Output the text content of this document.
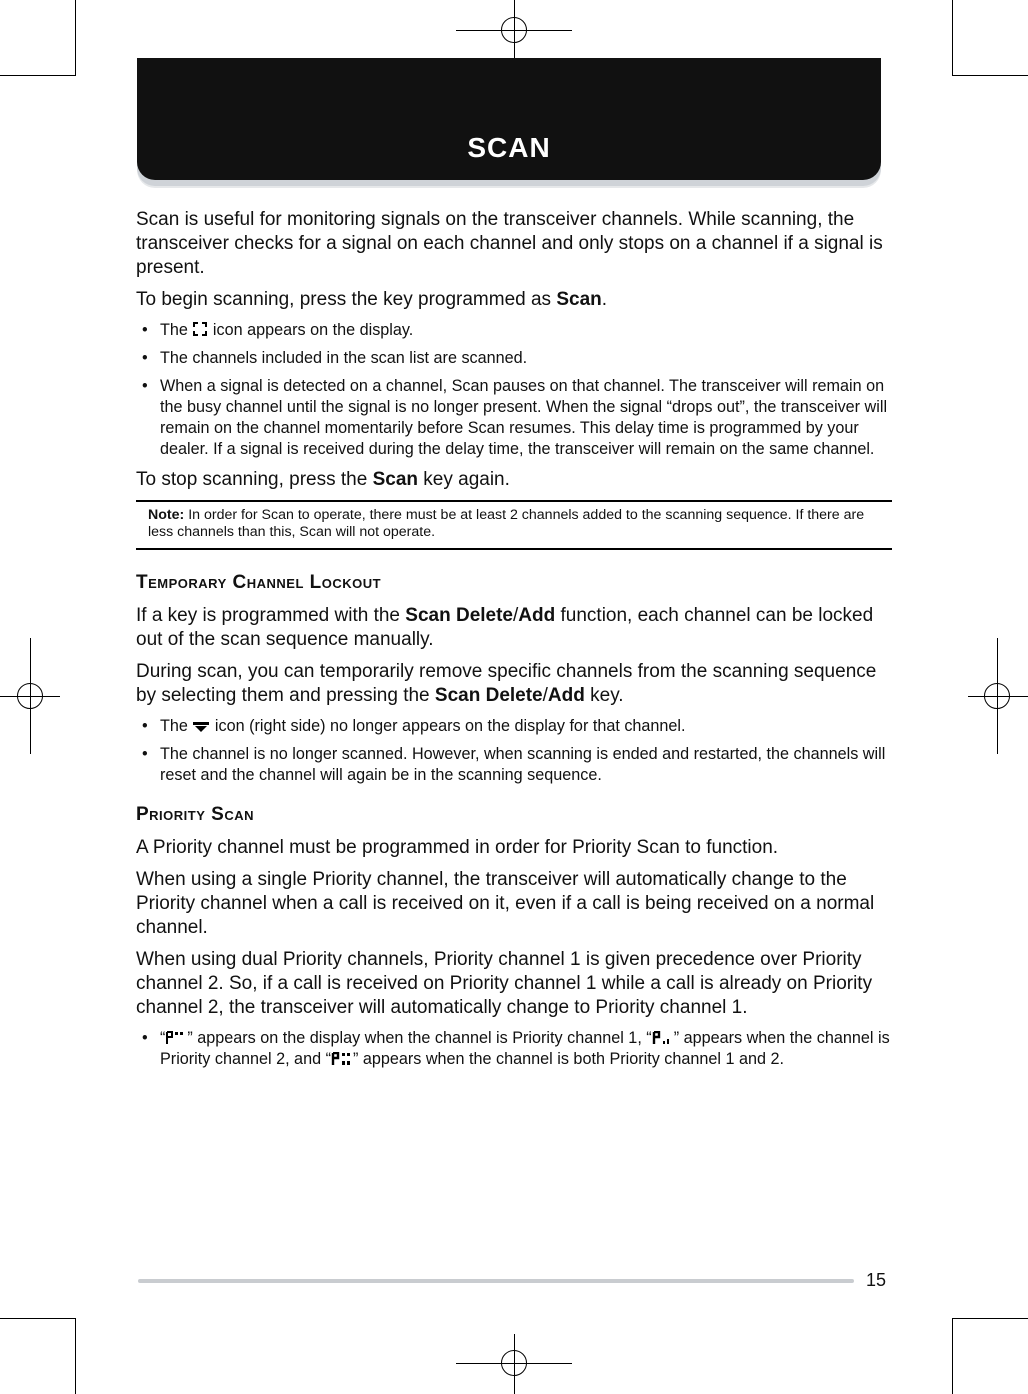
SCAN

Scan is useful for monitoring signals on the transceiver channels. While scanning, the transceiver checks for a signal on each channel and only stops on a channel if a signal is present.

To begin scanning, press the key programmed as Scan.

• The  icon appears on the display.
• The channels included in the scan list are scanned.
• When a signal is detected on a channel, Scan pauses on that channel. The transceiver will remain on the busy channel until the signal is no longer present. When the signal “drops out”, the transceiver will remain on the channel momentarily before Scan resumes. This delay time is programmed by your dealer. If a signal is received during the delay time, the transceiver will remain on the same channel.

To stop scanning, press the Scan key again.

Note: In order for Scan to operate, there must be at least 2 channels added to the scanning sequence. If there are less channels than this, Scan will not operate.
Temporary Channel Lockout

If a key is programmed with the Scan Delete/Add function, each channel can be locked out of the scan sequence manually.

During scan, you can temporarily remove specific channels from the scanning sequence by selecting them and pressing the Scan Delete/Add key.

• The  icon (right side) no longer appears on the display for that channel.
• The channel is no longer scanned. However, when scanning is ended and restarted, the channels will reset and the channel will again be in the scanning sequence.
Priority Scan

A Priority channel must be programmed in order for Priority Scan to function.

When using a single Priority channel, the transceiver will automatically change to the Priority channel when a call is received on it, even if a call is being received on a normal channel.

When using dual Priority channels, Priority channel 1 is given precedence over Priority channel 2. So, if a call is received on Priority channel 1 while a call is already on Priority channel 2, the transceiver will automatically change to Priority channel 1.

• “ ” appears on the display when the channel is Priority channel 1, “ ” appears when the channel is Priority channel 2, and “ ” appears when the channel is both Priority channel 1 and 2.
15
